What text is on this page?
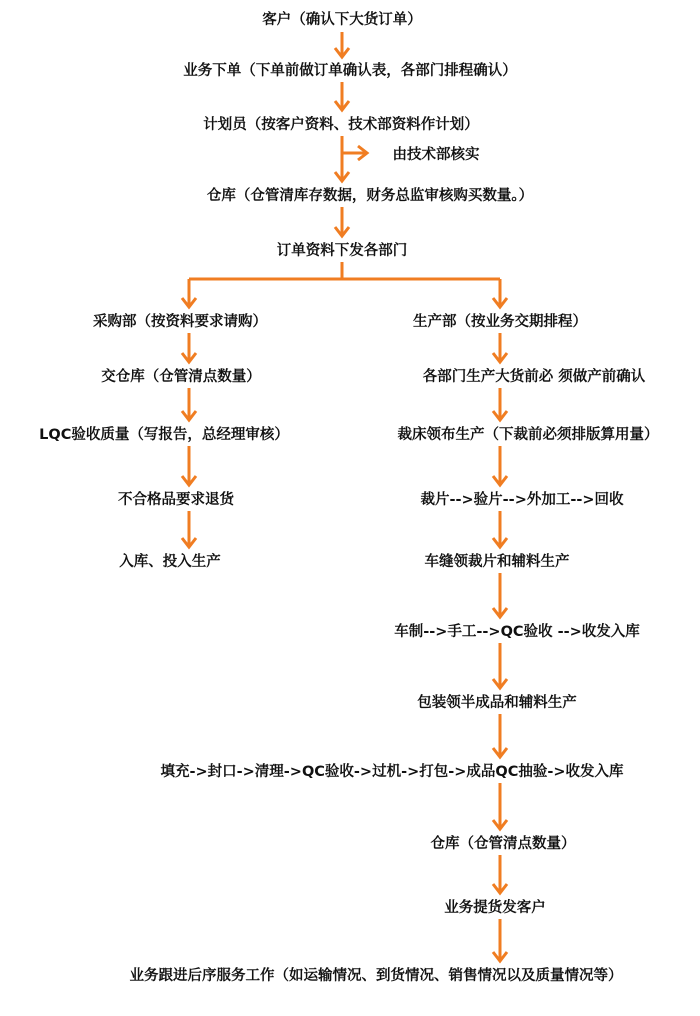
客户（确认下大货订单）

业务下单（下单前做订单确认表，各部门排程确认）

计划员（按客户资料、技术部资料作计划）

由技术部核实

仓库（仓管清库存数据，财务总监审核购买数量。）

订单资料下发各部门

采购部（按资料要求请购）

交仓库（仓管清点数量）

LQC验收质量（写报告，总经理审核）

不合格品要求退货

入库、投入生产

生产部（按业务交期排程）

各部门生产大货前必 须做产前确认

裁床领布生产（下裁前必须排版算用量）

裁片-->验片-->外加工-->回收

车缝领裁片和辅料生产

车制-->手工-->QC验收 -->收发入库

包装领半成品和辅料生产

填充->封口->清理->QC验收->过机->打包->成品QC抽验->收发入库

仓库（仓管清点数量）

业务提货发客户

业务跟进后序服务工作（如运输情况、到货情况、销售情况以及质量情况等）
